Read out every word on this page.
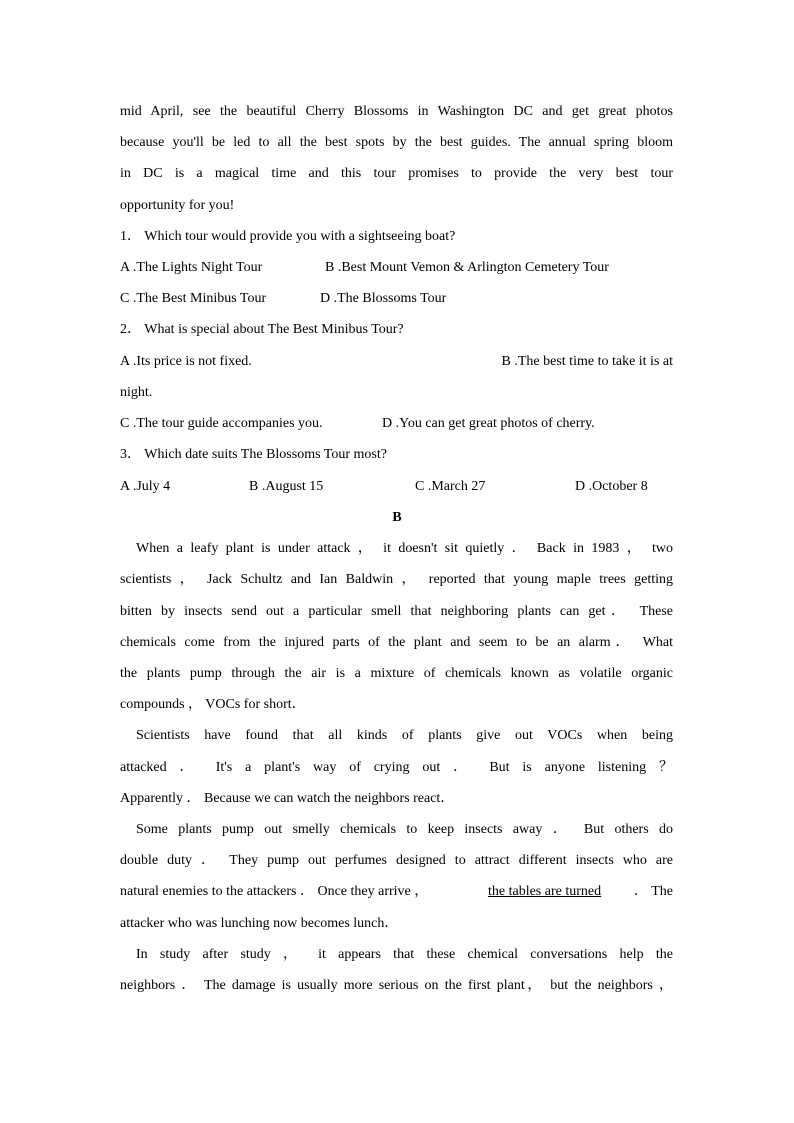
mid April, see the beautiful Cherry Blossoms in Washington DC and get great photos
because you'll be led to all the best spots by the best guides. The annual spring bloom
in DC is a magical time and this tour promises to provide the very best tour
opportunity for you!
1． Which tour would provide you with a sightseeing boat?
A .The Lights Night Tour	B .Best Mount Vemon & Arlington Cemetery Tour
C .The Best Minibus Tour	D .The Blossoms Tour
2． What is special about The Best Minibus Tour?
A .Its price is not fixed.	B .The best time to take it is at
night.
C .The tour guide accompanies you.	D .You can get great photos of cherry.
3． Which date suits The Blossoms Tour most?
A .July 4	B .August 15	C .March 27	D .October 8
B
When a leafy plant is under attack ， it doesn't sit quietly ． Back in 1983 ， two
scientists ， Jack Schultz and Ian Baldwin ， reported that young maple trees getting
bitten by insects send out a particular smell that neighboring plants can get． These
chemicals come from the injured parts of the plant and seem to be an alarm． What
the plants pump through the air is a mixture of chemicals known as volatile organic
compounds ， VOCs for short．
Scientists have found that all kinds of plants give out VOCs when being
attacked ． It's a plant's way of crying out ． But is anyone listening ？
Apparently ． Because we can watch the neighbors react．
Some plants pump out smelly chemicals to keep insects away ． But others do
double duty ． They pump out perfumes designed to attract different insects who are
natural enemies to the attackers ． Once they arrive ，	the tables are turned ． The
attacker who was lunching now becomes lunch．
In study after study ， it appears that these chemical conversations help the
neighbors ． The damage is usually more serious on the first plant， but the neighbors ，
